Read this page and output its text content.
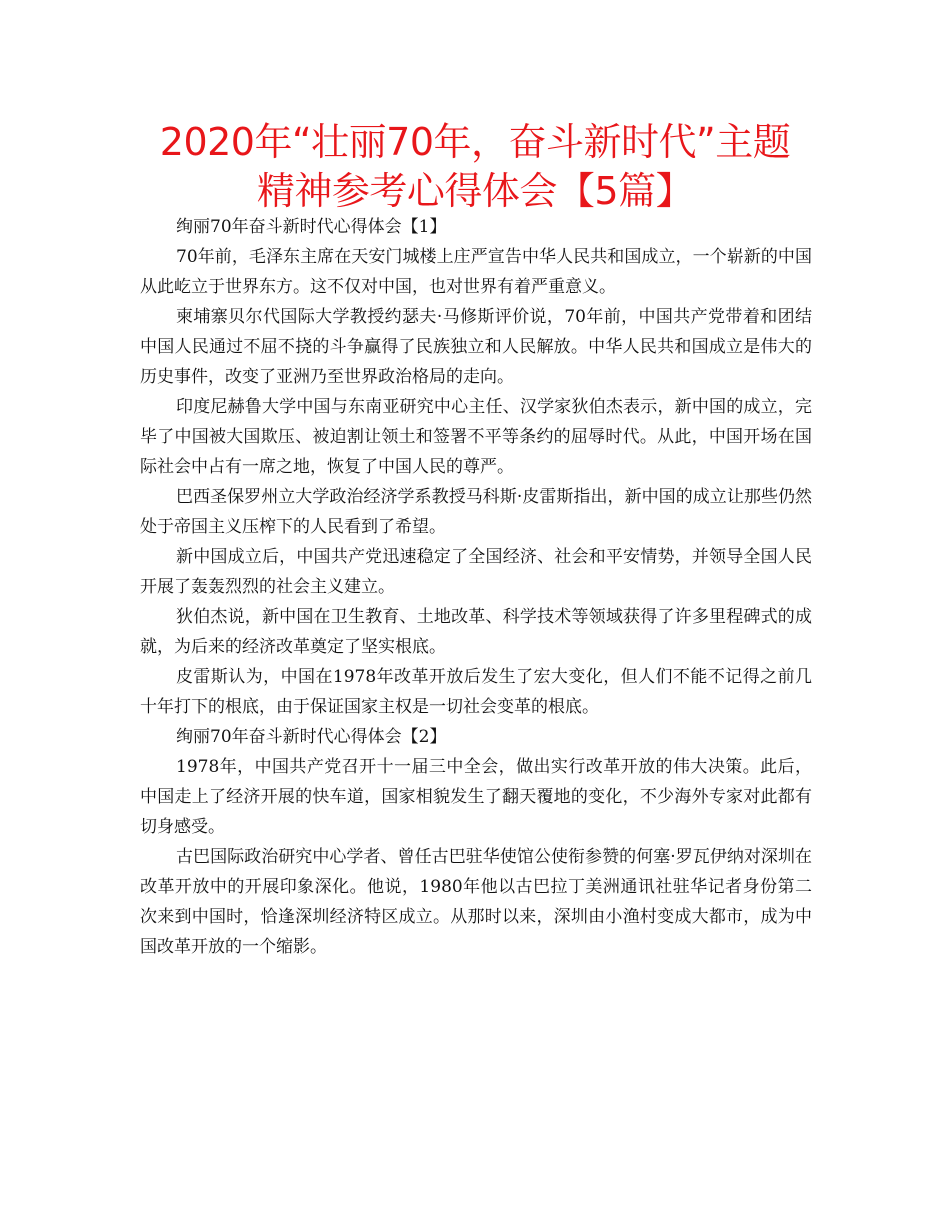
2020年“壮丽70年，奋斗新时代”主题
精神参考心得体会【5篇】

绚丽70年奋斗新时代心得体会【1】

70年前，毛泽东主席在天安门城楼上庄严宣告中华人民共和国成立，一个崭新的中国从此屹立于世界东方。这不仅对中国，也对世界有着严重意义。

柬埔寨贝尔代国际大学教授约瑟夫·马修斯评价说，70年前，中国共产党带着和团结中国人民通过不屈不挠的斗争赢得了民族独立和人民解放。中华人民共和国成立是伟大的历史事件，改变了亚洲乃至世界政治格局的走向。

印度尼赫鲁大学中国与东南亚研究中心主任、汉学家狄伯杰表示，新中国的成立，完毕了中国被大国欺压、被迫割让领土和签署不平等条约的屈辱时代。从此，中国开场在国际社会中占有一席之地，恢复了中国人民的尊严。

巴西圣保罗州立大学政治经济学系教授马科斯·皮雷斯指出，新中国的成立让那些仍然处于帝国主义压榨下的人民看到了希望。

新中国成立后，中国共产党迅速稳定了全国经济、社会和平安情势，并领导全国人民开展了轰轰烈烈的社会主义建立。

狄伯杰说，新中国在卫生教育、土地改革、科学技术等领域获得了许多里程碑式的成就，为后来的经济改革奠定了坚实根底。

皮雷斯认为，中国在1978年改革开放后发生了宏大变化，但人们不能不记得之前几十年打下的根底，由于保证国家主权是一切社会变革的根底。

绚丽70年奋斗新时代心得体会【2】

1978年，中国共产党召开十一届三中全会，做出实行改革开放的伟大决策。此后，中国走上了经济开展的快车道，国家相貌发生了翻天覆地的变化，不少海外专家对此都有切身感受。

古巴国际政治研究中心学者、曾任古巴驻华使馆公使衔参赞的何塞·罗瓦伊纳对深圳在改革开放中的开展印象深化。他说，1980年他以古巴拉丁美洲通讯社驻华记者身份第二次来到中国时，恰逢深圳经济特区成立。从那时以来，深圳由小渔村变成大都市，成为中国改革开放的一个缩影。
